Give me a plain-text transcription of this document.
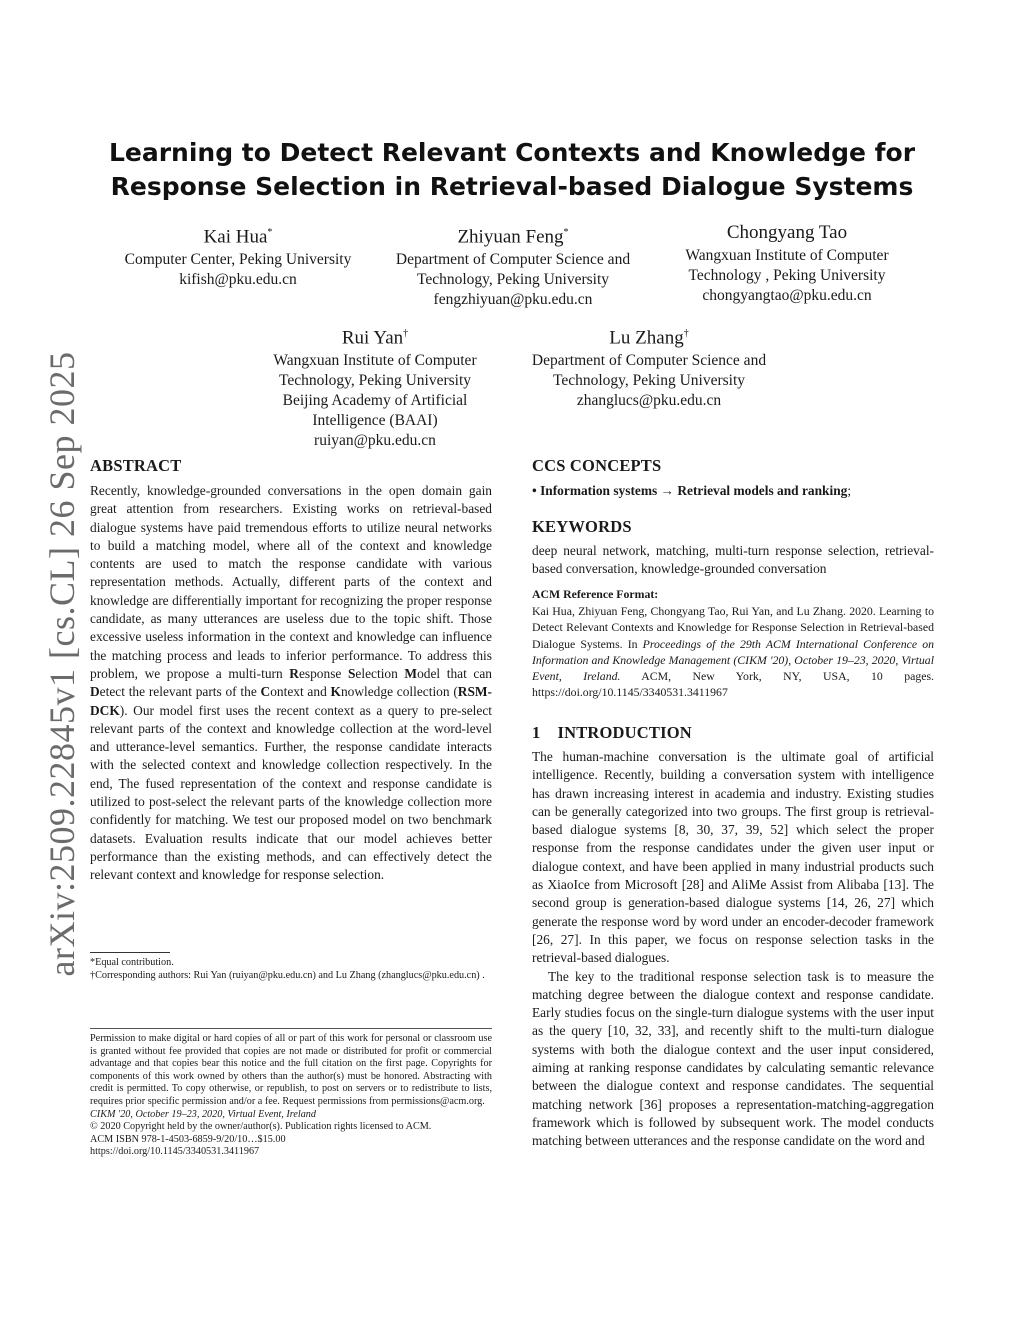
arXiv:2509.22845v1 [cs.CL] 26 Sep 2025
Learning to Detect Relevant Contexts and Knowledge for
Response Selection in Retrieval-based Dialogue Systems
Kai Hua*
Computer Center, Peking University
kifish@pku.edu.cn
Zhiyuan Feng*
Department of Computer Science and
Technology, Peking University
fengzhiyuan@pku.edu.cn
Chongyang Tao
Wangxuan Institute of Computer
Technology , Peking University
chongyangtao@pku.edu.cn
Rui Yan†
Wangxuan Institute of Computer
Technology, Peking University
Beijing Academy of Artificial
Intelligence (BAAI)
ruiyan@pku.edu.cn
Lu Zhang†
Department of Computer Science and
Technology, Peking University
zhanglucs@pku.edu.cn
ABSTRACT
Recently, knowledge-grounded conversations in the open domain gain great attention from researchers. Existing works on retrieval-based dialogue systems have paid tremendous efforts to utilize neural networks to build a matching model, where all of the context and knowledge contents are used to match the response candidate with various representation methods. Actually, different parts of the context and knowledge are differentially important for recognizing the proper response candidate, as many utterances are useless due to the topic shift. Those excessive useless information in the context and knowledge can influence the matching process and leads to inferior performance. To address this problem, we propose a multi-turn Response Selection Model that can Detect the relevant parts of the Context and Knowledge collection (RSM-DCK). Our model first uses the recent context as a query to pre-select relevant parts of the context and knowledge collection at the word-level and utterance-level semantics. Further, the response candidate interacts with the selected context and knowledge collection respectively. In the end, The fused representation of the context and response candidate is utilized to post-select the relevant parts of the knowledge collection more confidently for matching. We test our proposed model on two benchmark datasets. Evaluation results indicate that our model achieves better performance than the existing methods, and can effectively detect the relevant context and knowledge for response selection.
*Equal contribution.
†Corresponding authors: Rui Yan (ruiyan@pku.edu.cn) and Lu Zhang (zhanglucs@pku.edu.cn) .
Permission to make digital or hard copies of all or part of this work for personal or classroom use is granted without fee provided that copies are not made or distributed for profit or commercial advantage and that copies bear this notice and the full citation on the first page. Copyrights for components of this work owned by others than the author(s) must be honored. Abstracting with credit is permitted. To copy otherwise, or republish, to post on servers or to redistribute to lists, requires prior specific permission and/or a fee. Request permissions from permissions@acm.org.
CIKM '20, October 19–23, 2020, Virtual Event, Ireland
© 2020 Copyright held by the owner/author(s). Publication rights licensed to ACM.
ACM ISBN 978-1-4503-6859-9/20/10…$15.00
https://doi.org/10.1145/3340531.3411967
CCS CONCEPTS
• Information systems → Retrieval models and ranking;
KEYWORDS
deep neural network, matching, multi-turn response selection, retrieval-based conversation, knowledge-grounded conversation
ACM Reference Format:
Kai Hua, Zhiyuan Feng, Chongyang Tao, Rui Yan, and Lu Zhang. 2020. Learning to Detect Relevant Contexts and Knowledge for Response Selection in Retrieval-based Dialogue Systems. In Proceedings of the 29th ACM International Conference on Information and Knowledge Management (CIKM '20), October 19–23, 2020, Virtual Event, Ireland. ACM, New York, NY, USA, 10 pages. https://doi.org/10.1145/3340531.3411967
1 INTRODUCTION

The human-machine conversation is the ultimate goal of artificial intelligence. Recently, building a conversation system with intelligence has drawn increasing interest in academia and industry. Existing studies can be generally categorized into two groups. The first group is retrieval-based dialogue systems [8, 30, 37, 39, 52] which select the proper response from the response candidates under the given user input or dialogue context, and have been applied in many industrial products such as XiaoIce from Microsoft [28] and AliMe Assist from Alibaba [13]. The second group is generation-based dialogue systems [14, 26, 27] which generate the response word by word under an encoder-decoder framework [26, 27]. In this paper, we focus on response selection tasks in the retrieval-based dialogues.

The key to the traditional response selection task is to measure the matching degree between the dialogue context and response candidate. Early studies focus on the single-turn dialogue systems with the user input as the query [10, 32, 33], and recently shift to the multi-turn dialogue systems with both the dialogue context and the user input considered, aiming at ranking response candidates by calculating semantic relevance between the dialogue context and response candidates. The sequential matching network [36] proposes a representation-matching-aggregation framework which is followed by subsequent work. The model conducts matching between utterances and the response candidate on the word and
